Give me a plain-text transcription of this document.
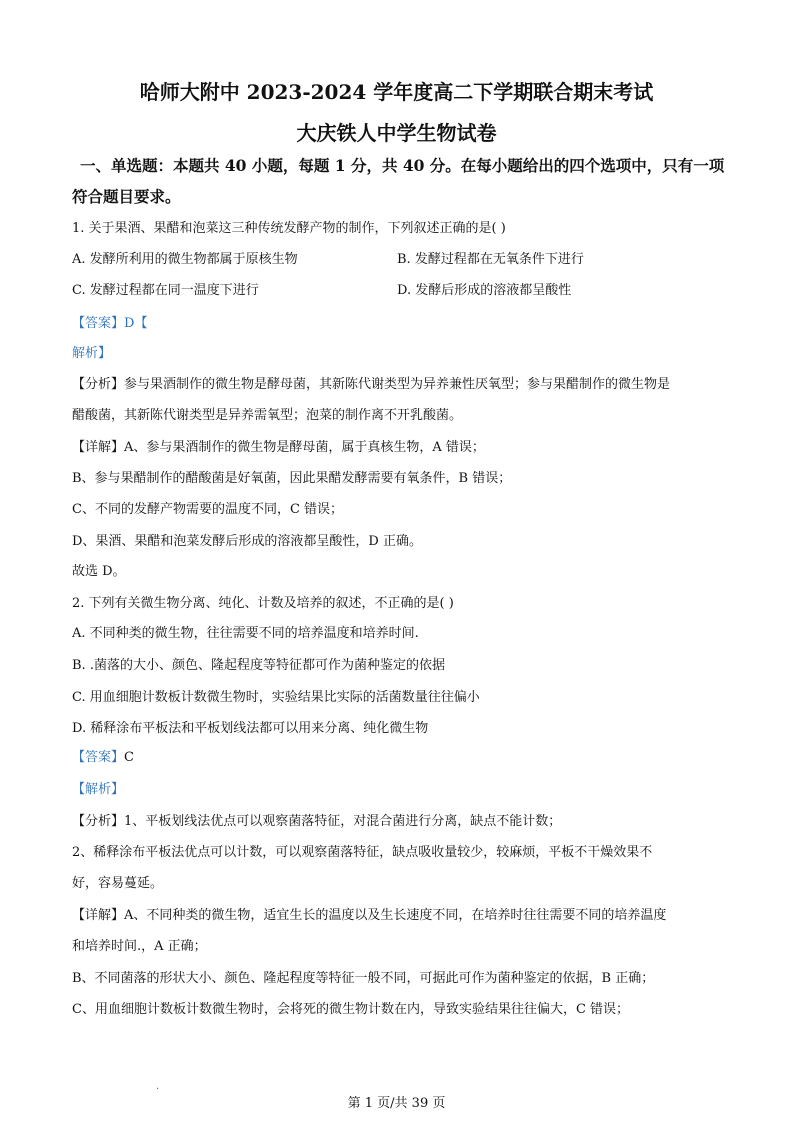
哈师大附中 2023-2024 学年度高二下学期联合期末考试
大庆铁人中学生物试卷
一、单选题：本题共 40 小题，每题 1 分，共 40 分。在每小题给出的四个选项中，只有一项
符合题目要求。
1. 关于果酒、果醋和泡菜这三种传统发酵产物的制作，下列叙述正确的是( )
A. 发酵所利用的微生物都属于原核生物	B. 发酵过程都在无氧条件下进行
C. 发酵过程都在同一温度下进行	D. 发酵后形成的溶液都呈酸性
【答案】D【
解析】
【分析】参与果酒制作的微生物是酵母菌，其新陈代谢类型为异养兼性厌氧型；参与果醋制作的微生物是
醋酸菌，其新陈代谢类型是异养需氧型；泡菜的制作离不开乳酸菌。
【详解】A、参与果酒制作的微生物是酵母菌，属于真核生物，A 错误；
B、参与果醋制作的醋酸菌是好氧菌，因此果醋发酵需要有氧条件，B 错误；
C、不同的发酵产物需要的温度不同，C 错误；
D、果酒、果醋和泡菜发酵后形成的溶液都呈酸性，D 正确。
故选 D。
2. 下列有关微生物分离、纯化、计数及培养的叙述，不正确的是( )
A. 不同种类的微生物，往往需要不同的培养温度和培养时间.
B. .菌落的大小、颜色、隆起程度等特征都可作为菌种鉴定的依据
C. 用血细胞计数板计数微生物时，实验结果比实际的活菌数量往往偏小
D. 稀释涂布平板法和平板划线法都可以用来分离、纯化微生物
【答案】C
【解析】
【分析】1、平板划线法优点可以观察菌落特征，对混合菌进行分离，缺点不能计数；
2、稀释涂布平板法优点可以计数，可以观察菌落特征，缺点吸收量较少，较麻烦，平板不干燥效果不
好，容易蔓延。
【详解】A、不同种类的微生物，适宜生长的温度以及生长速度不同，在培养时往往需要不同的培养温度
和培养时间.，A 正确；
B、不同菌落的形状大小、颜色、隆起程度等特征一般不同，可据此可作为菌种鉴定的依据，B 正确；
C、用血细胞计数板计数微生物时，会将死的微生物计数在内，导致实验结果往往偏大，C 错误；
·
第 1 页/共 39 页
